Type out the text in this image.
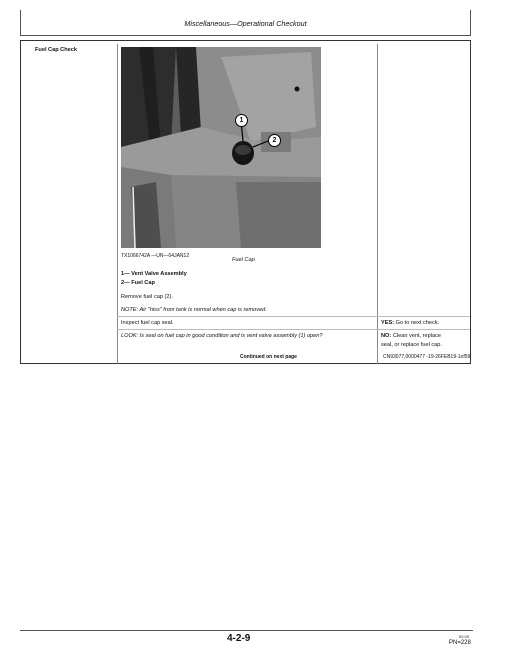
Miscellaneous—Operational Checkout
Fuel Cap Check
1
2
TX1066742A —UN—04JAN12
Fuel Cap
1— Vent Valve Assembly
2— Fuel Cap
Remove fuel cap (2).
NOTE: Air "hiss" from tank is normal when cap is removed.
Inspect fuel cap seal.
LOOK: Is seal on fuel cap in good condition and is vent valve assembly (1) open?
YES: Go to next check.
NO: Clean vent, replace
seal, or replace fuel cap.
Continued on next page	CN93077,0000477 -19-26FEB19-1of59
4-2-9	00 00
PN=228
